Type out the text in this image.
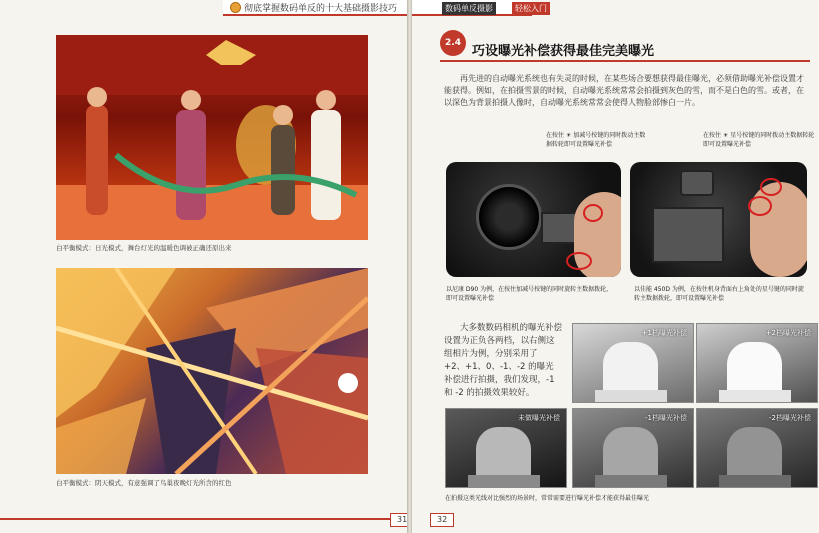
彻底掌握数码单反的十大基础摄影技巧
白平衡模式：日光模式，舞台灯光的温暖色调被正确还原出来
白平衡模式：阴天模式，有意强调了鸟巢夜晚灯光所含的红色
31
数码单反摄影	轻松入门
2.4
巧设曝光补偿获得最佳完美曝光
再先进的自动曝光系统也有失灵的时候，在某些场合要想获得最佳曝光，必须借助曝光补偿设置才能获得。例如，在拍摄雪景的时候，自动曝光系统常常会拍摄到灰色的雪，而不是白色的雪。或者，在以深色为背景拍摄人像时，自动曝光系统常常会使得人物脸部惨白一片。
在按住 ☀ 加减号按键的同时拨动主数据转轮即可设置曝光补偿
在按住 ☀ 星号按键的同时拨动主数据转轮即可设置曝光补偿
以尼康 D90 为例，在按住加减号按键的同时旋转主数据拨轮，即可设置曝光补偿
以佳能 450D 为例，在按住机身背面右上角处的星号键的同时旋转主数据拨轮，即可设置曝光补偿
大多数数码相机的曝光补偿设置为正负各两档，以右侧这组相片为例，分别采用了+2、+1、0、-1、-2 的曝光补偿进行拍摄，我们发现，-1 和 -2 的拍摄效果较好。
+1档曝光补偿	+2档曝光补偿
未做曝光补偿	-1档曝光补偿	-2档曝光补偿
在拍摄这类光线对比强烈的场景时，常常需要进行曝光补偿才能获得最佳曝光
32
